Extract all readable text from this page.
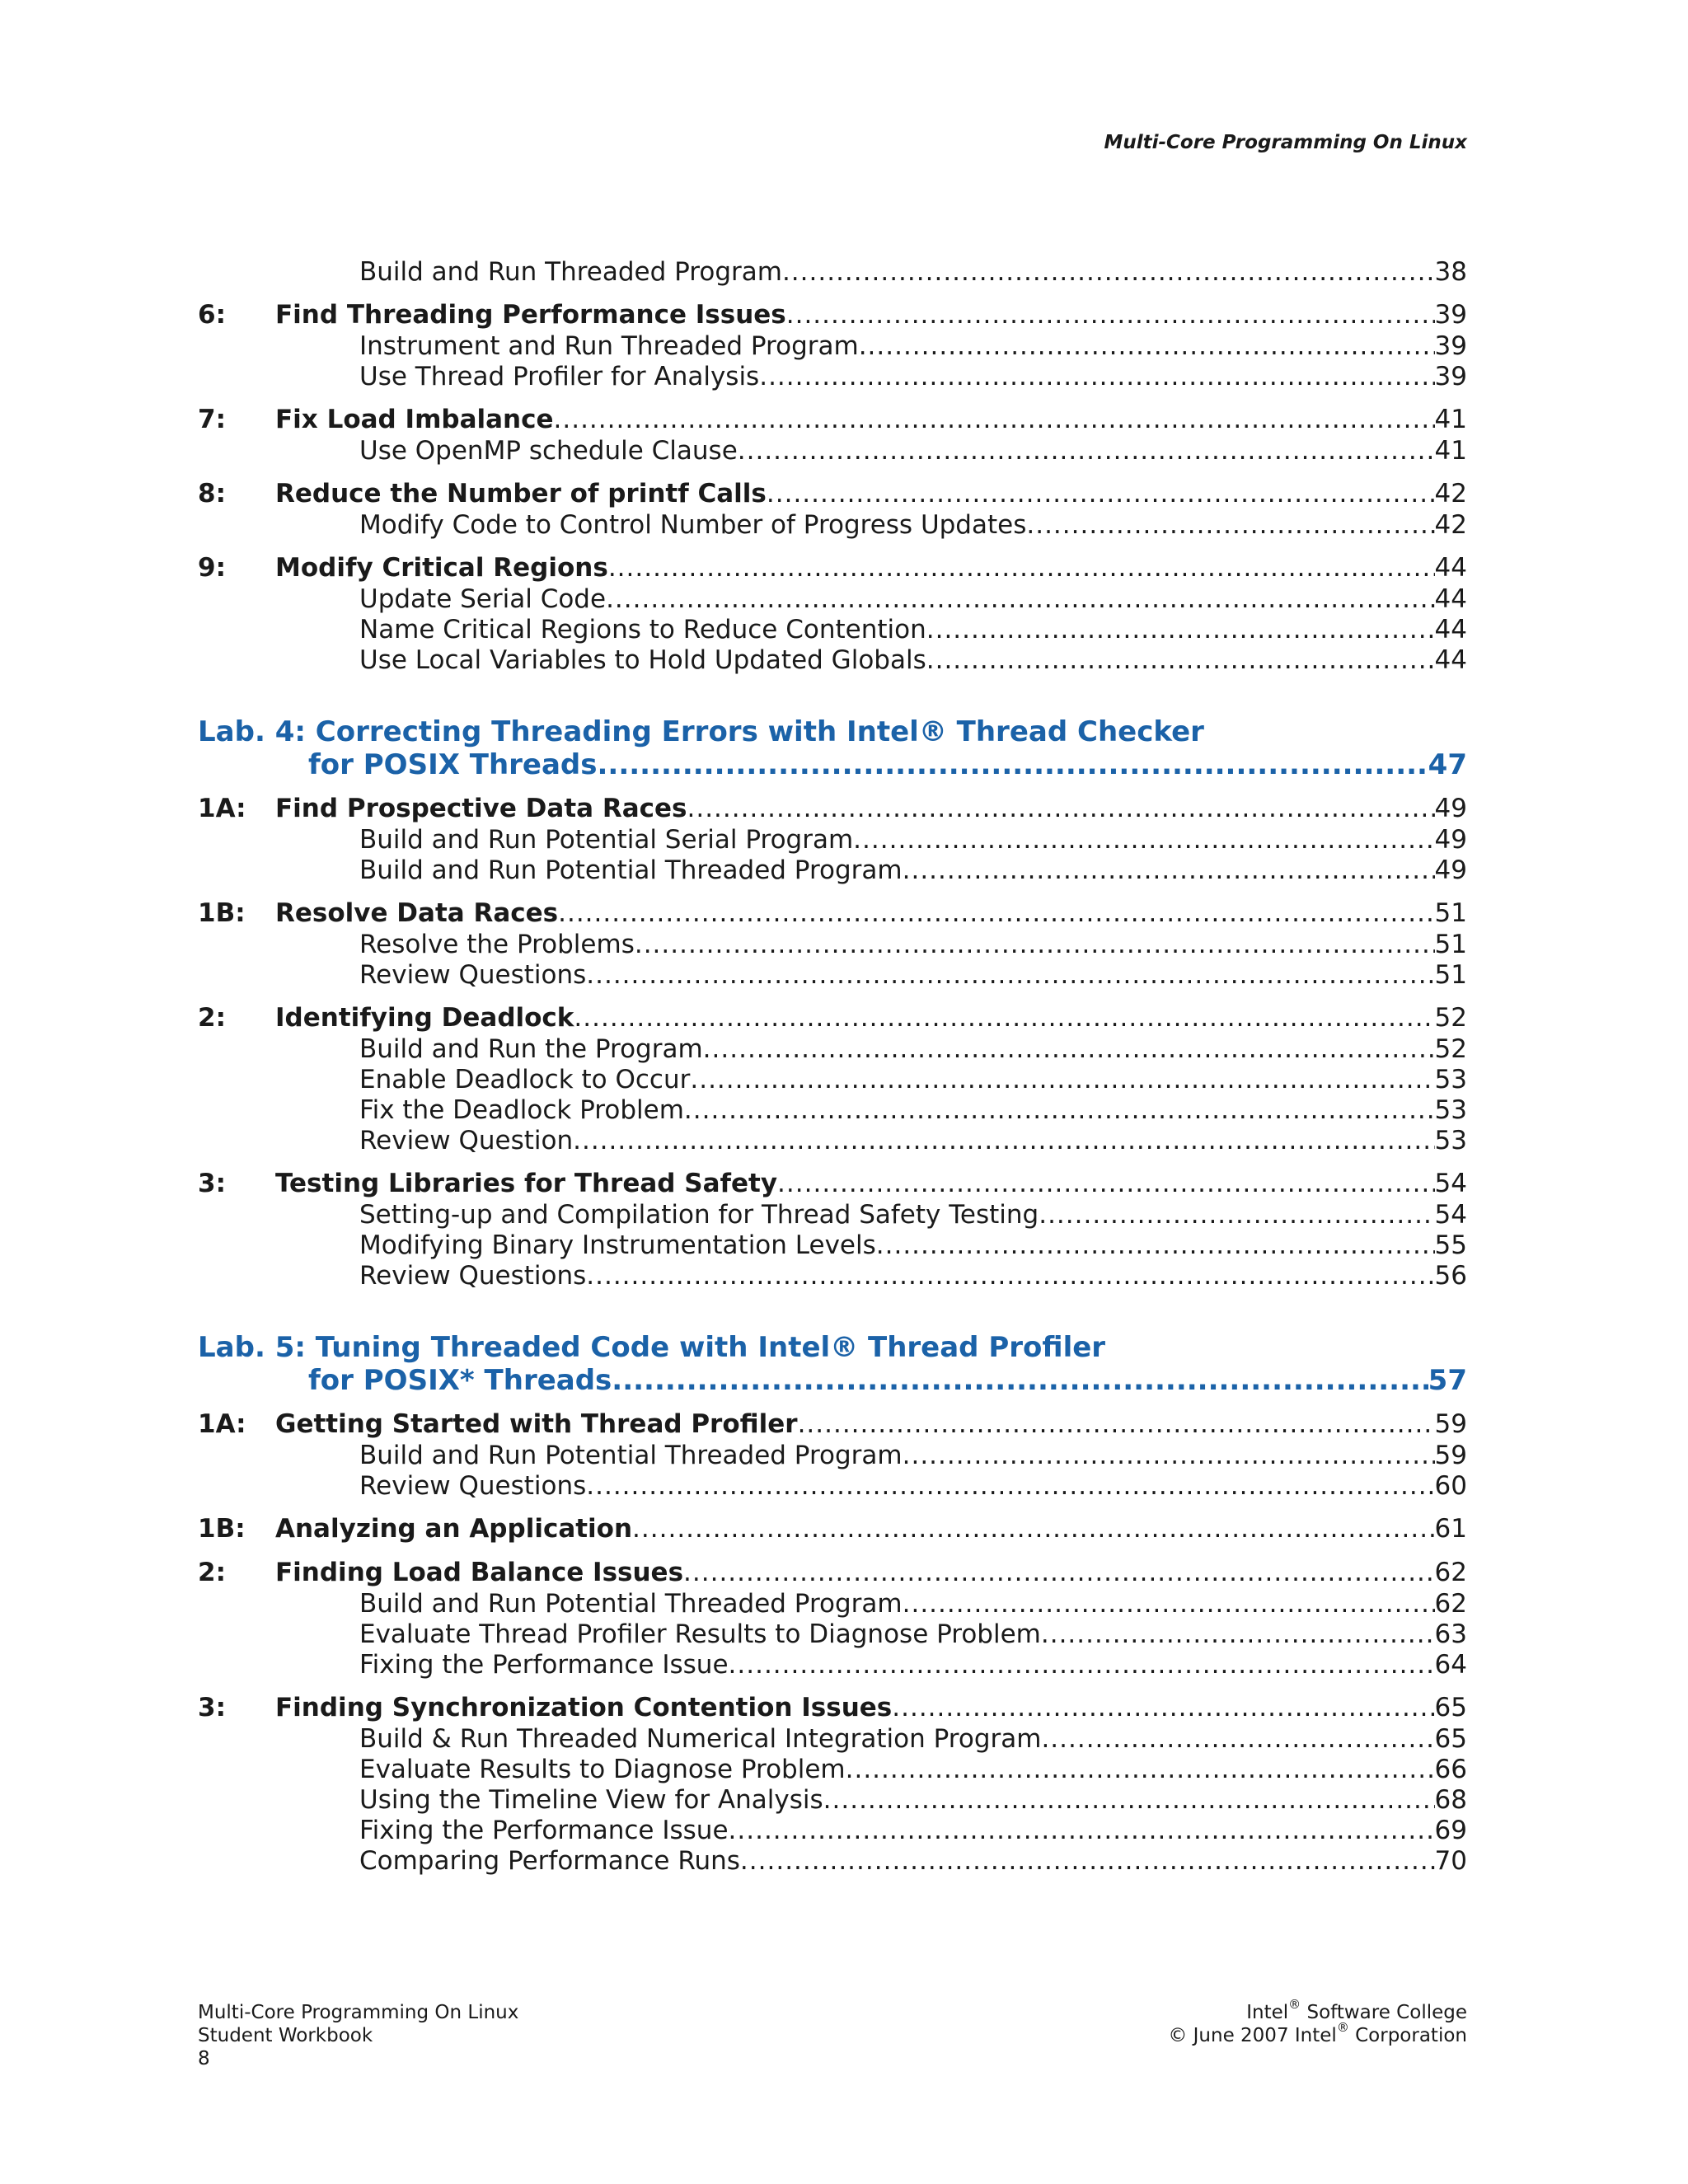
Multi-Core Programming On Linux
Build and Run Threaded Program .....	38
6:	Find Threading Performance Issues .....	39
Instrument and Run Threaded Program .....	39
Use Thread Profiler for Analysis .....	39
7:	Fix Load Imbalance .....	41
Use OpenMP schedule Clause .....	41
8:	Reduce the Number of printf Calls .....	42
Modify Code to Control Number of Progress Updates .....	42
9:	Modify Critical Regions .....	44
Update Serial Code .....	44
Name Critical Regions to Reduce Contention .....	44
Use Local Variables to Hold Updated Globals .....	44
Lab. 4: Correcting Threading Errors with Intel® Thread Checker
for POSIX Threads .....	47
1A:	Find Prospective Data Races .....	49
Build and Run Potential Serial Program .....	49
Build and Run Potential Threaded Program .....	49
1B:	Resolve Data Races .....	51
Resolve the Problems .....	51
Review Questions .....	51
2:	Identifying Deadlock .....	52
Build and Run the Program .....	52
Enable Deadlock to Occur .....	53
Fix the Deadlock Problem .....	53
Review Question .....	53
3:	Testing Libraries for Thread Safety .....	54
Setting-up and Compilation for Thread Safety Testing .....	54
Modifying Binary Instrumentation Levels .....	55
Review Questions .....	56
Lab. 5: Tuning Threaded Code with Intel® Thread Profiler
for POSIX* Threads .....	57
1A:	Getting Started with Thread Profiler .....	59
Build and Run Potential Threaded Program .....	59
Review Questions .....	60
1B:	Analyzing an Application .....	61
2:	Finding Load Balance Issues .....	62
Build and Run Potential Threaded Program .....	62
Evaluate Thread Profiler Results to Diagnose Problem .....	63
Fixing the Performance Issue .....	64
3:	Finding Synchronization Contention Issues .....	65
Build & Run Threaded Numerical Integration Program .....	65
Evaluate Results to Diagnose Problem .....	66
Using the Timeline View for Analysis .....	68
Fixing the Performance Issue .....	69
Comparing Performance Runs .....	70
Multi-Core Programming On Linux
Student Workbook
8
Intel® Software College
© June 2007 Intel® Corporation
